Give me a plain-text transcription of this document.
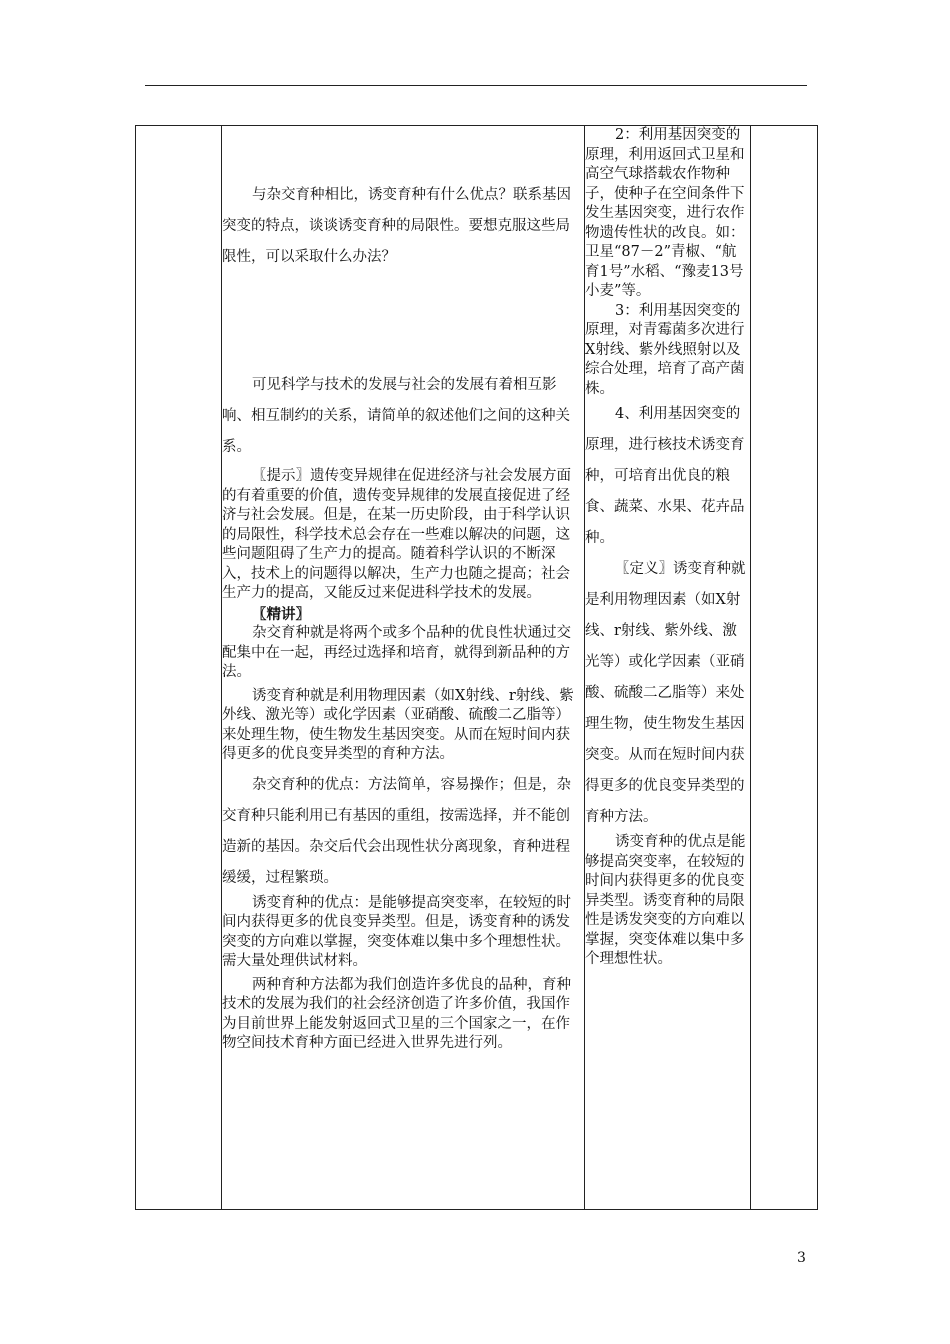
与杂交育种相比，诱变育种有什么优点？联系基因突变的特点，谈谈诱变育种的局限性。要想克服这些局限性，可以采取什么办法？

可见科学与技术的发展与社会的发展有着相互影响、相互制约的关系，请简单的叙述他们之间的这种关系。

〖提示〗遗传变异规律在促进经济与社会发展方面的有着重要的价值，遗传变异规律的发展直接促进了经济与社会发展。但是，在某一历史阶段，由于科学认识的局限性，科学技术总会存在一些难以解决的问题，这些问题阻碍了生产力的提高。随着科学认识的不断深入，技术上的问题得以解决，生产力也随之提高；社会生产力的提高，又能反过来促进科学技术的发展。

〖精讲〗

杂交育种就是将两个或多个品种的优良性状通过交配集中在一起，再经过选择和培育，就得到新品种的方法。

诱变育种就是利用物理因素（如X射线、r射线、紫外线、激光等）或化学因素（亚硝酸、硫酸二乙脂等）来处理生物，使生物发生基因突变。从而在短时间内获得更多的优良变异类型的育种方法。

杂交育种的优点：方法简单，容易操作；但是，杂交育种只能利用已有基因的重组，按需选择，并不能创造新的基因。杂交后代会出现性状分离现象，育种进程缓缓，过程繁琐。

诱变育种的优点：是能够提高突变率，在较短的时间内获得更多的优良变异类型。但是，诱变育种的诱发突变的方向难以掌握，突变体难以集中多个理想性状。需大量处理供试材料。

两种育种方法都为我们创造许多优良的品种，育种技术的发展为我们的社会经济创造了许多价值，我国作为目前世界上能发射返回式卫星的三个国家之一，在作物空间技术育种方面已经进入世界先进行列。

2：利用基因突变的原理，利用返回式卫星和高空气球搭载农作物种子，使种子在空间条件下发生基因突变，进行农作物遗传性状的改良。如：卫星“87－2”青椒、“航育1号”水稻、“豫麦13号小麦”等。

3：利用基因突变的原理，对青霉菌多次进行X射线、紫外线照射以及综合处理，培育了高产菌株。

4、利用基因突变的原理，进行核技术诱变育种，可培育出优良的粮食、蔬菜、水果、花卉品种。

〖定义〗诱变育种就是利用物理因素（如X射线、r射线、紫外线、激光等）或化学因素（亚硝酸、硫酸二乙脂等）来处理生物，使生物发生基因突变。从而在短时间内获得更多的优良变异类型的育种方法。

诱变育种的优点是能够提高突变率，在较短的时间内获得更多的优良变异类型。诱变育种的局限性是诱发突变的方向难以掌握，突变体难以集中多个理想性状。

3
